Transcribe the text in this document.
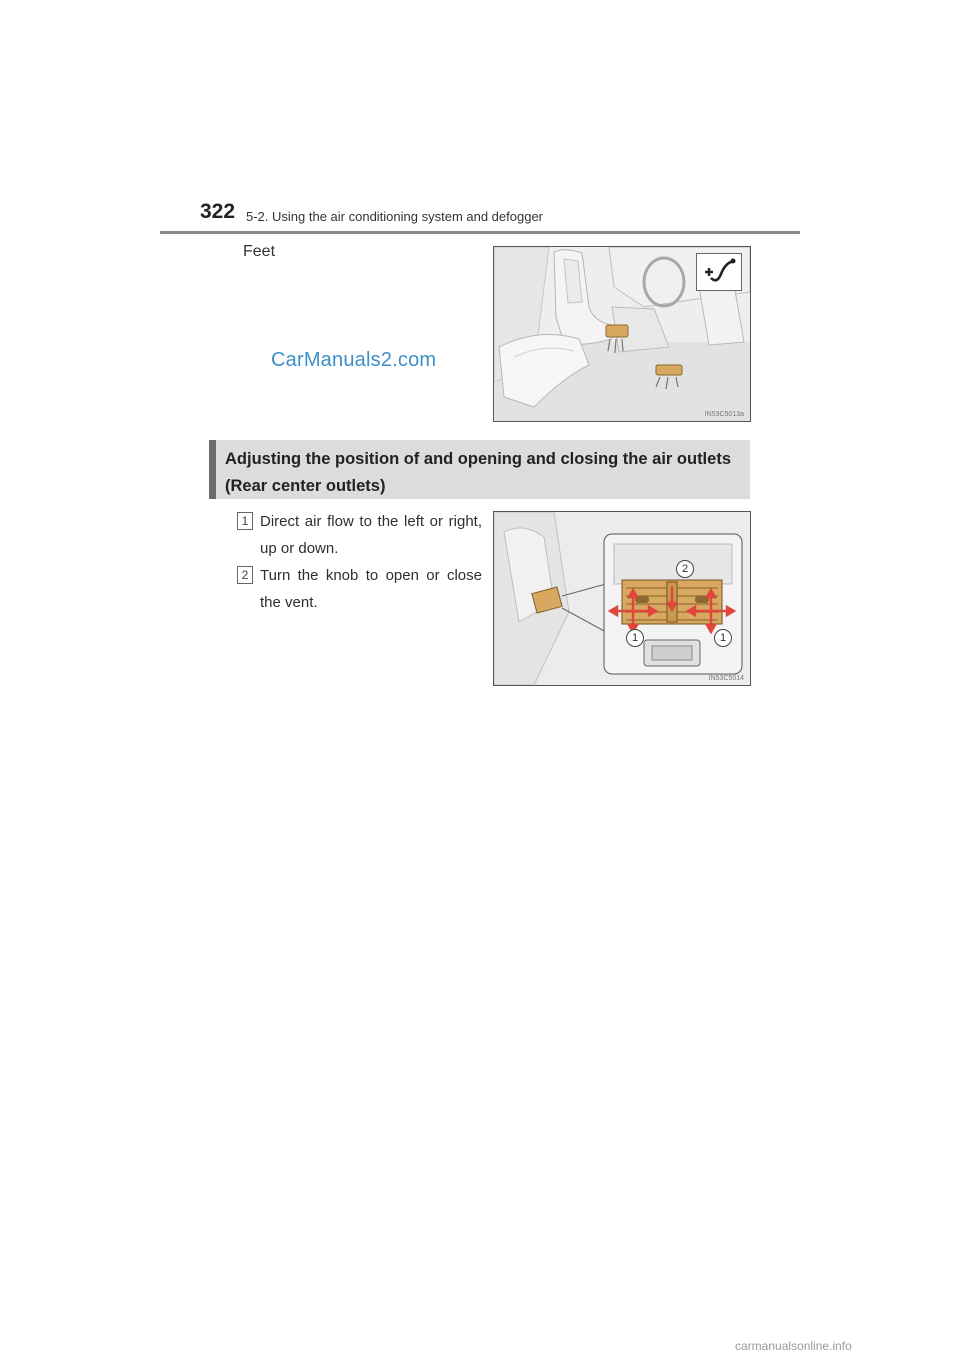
322 5-2. Using the air conditioning system and defogger
Feet
CarManuals2.com
IN53C5013a
Adjusting the position of and opening and closing the air outlets (Rear center outlets)
1 Direct air flow to the left or right, up or down.
2 Turn the knob to open or close the vent.
2
1	1
IN53C5014
carmanualsonline.info
